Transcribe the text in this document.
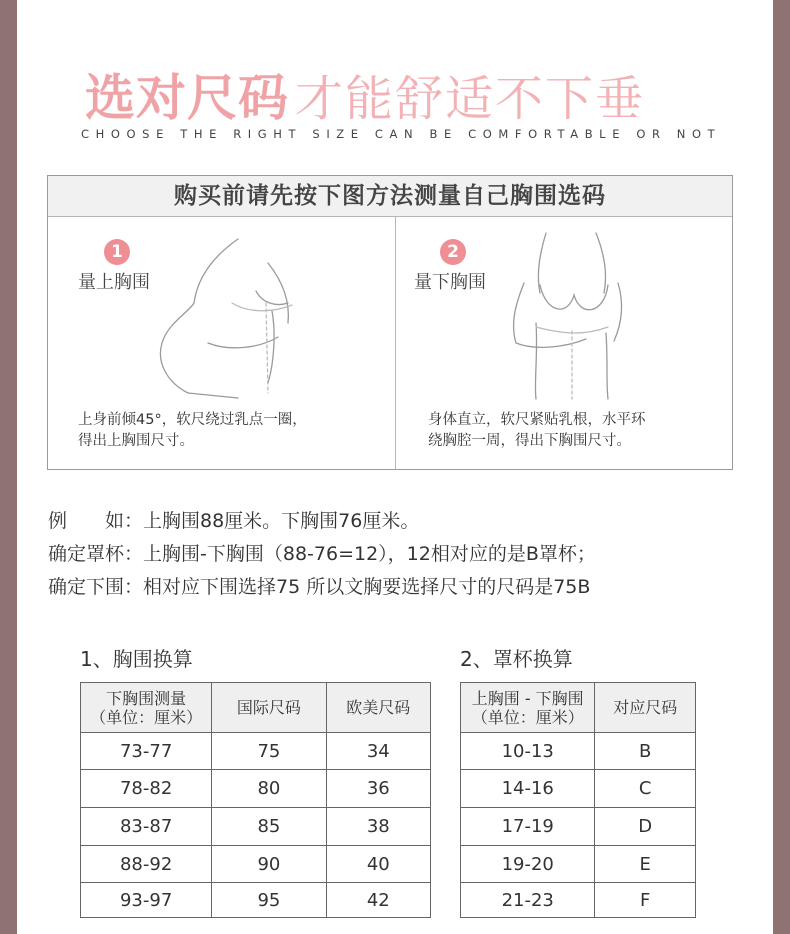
选对尺码 才能舒适不下垂
CHOOSE THE RIGHT SIZE CAN BE COMFORTABLE OR NOT
购买前请先按下图方法测量自己胸围选码
1
量上胸围
上身前倾45°，软尺绕过乳点一圈，
得出上胸围尺寸。
2
量下胸围
身体直立，软尺紧贴乳根，水平环
绕胸腔一周，得出下胸围尺寸。
例　　如：上胸围88厘米。下胸围76厘米。
确定罩杯：上胸围-下胸围（88-76=12），12相对应的是B罩杯；
确定下围：相对应下围选择75 所以文胸要选择尺寸的尺码是75B
1、胸围换算
下胸围测量
（单位：厘米）	国际尺码	欧美尺码
73-77	75	34
78-82	80	36
83-87	85	38
88-92	90	40
93-97	95	42
2、罩杯换算
上胸围 - 下胸围
（单位：厘米）	对应尺码
10-13	B
14-16	C
17-19	D
19-20	E
21-23	F
